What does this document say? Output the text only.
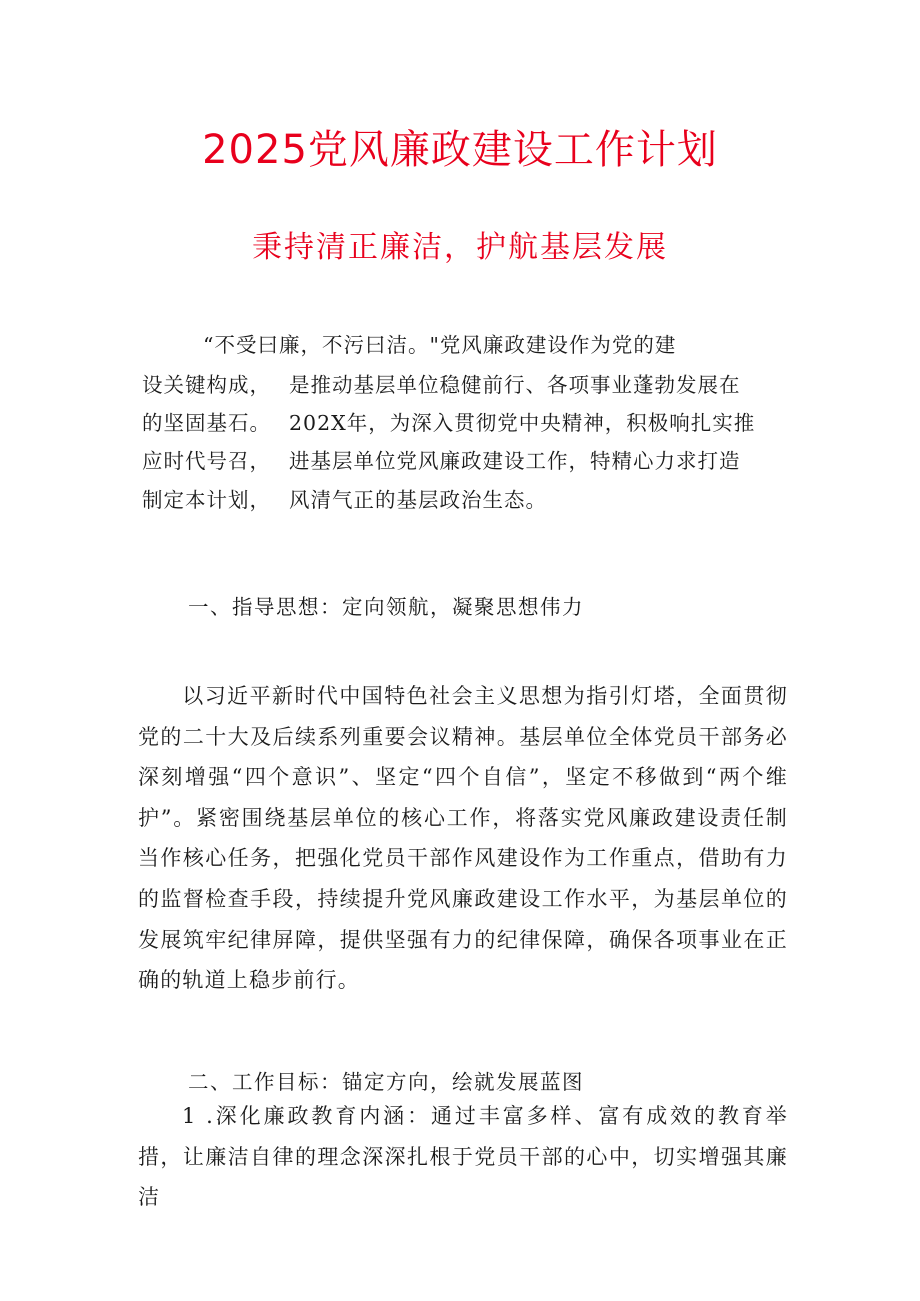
2025党风廉政建设工作计划
秉持清正廉洁，护航基层发展
“不受曰廉，不污曰洁。"党风廉政建设作为党的建
设关键构成， 是推动基层单位稳健前行、各项事业蓬勃发展在
的坚固基石。 202X年，为深入贯彻党中央精神，积极响扎实推
应时代号召， 进基层单位党风廉政建设工作，特精心力求打造
制定本计划， 风清气正的基层政治生态。
一、指导思想：定向领航，凝聚思想伟力
以习近平新时代中国特色社会主义思想为指引灯塔，全面贯彻党的二十大及后续系列重要会议精神。基层单位全体党员干部务必深刻增强“四个意识”、坚定“四个自信”，坚定不移做到“两个维护”。紧密围绕基层单位的核心工作，将落实党风廉政建设责任制当作核心任务，把强化党员干部作风建设作为工作重点，借助有力的监督检查手段，持续提升党风廉政建设工作水平，为基层单位的发展筑牢纪律屏障，提供坚强有力的纪律保障，确保各项事业在正确的轨道上稳步前行。
二、工作目标：锚定方向，绘就发展蓝图
1 .深化廉政教育内涵：通过丰富多样、富有成效的教育举措，让廉洁自律的理念深深扎根于党员干部的心中，切实增强其廉洁
